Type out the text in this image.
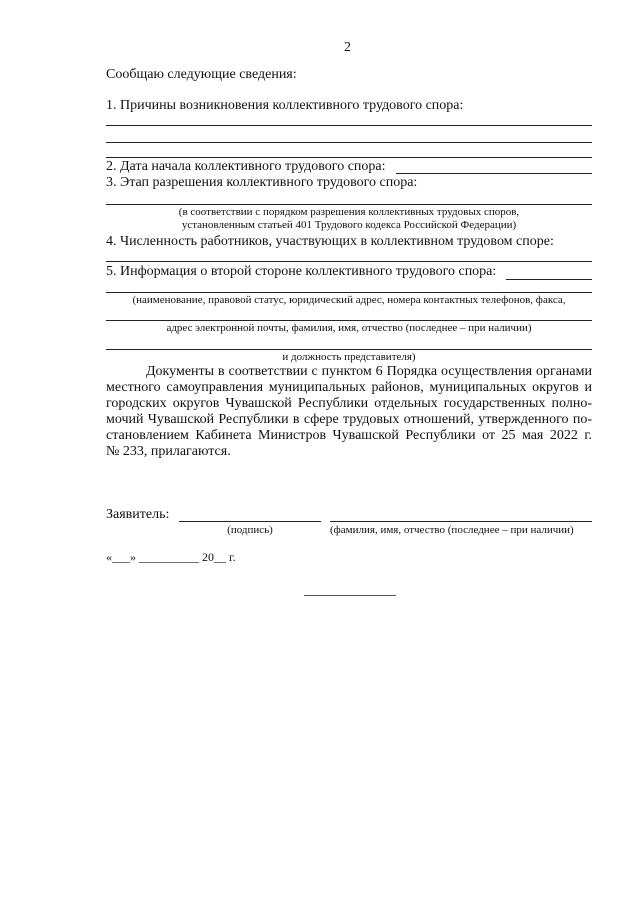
2
Сообщаю следующие сведения:
1. Причины возникновения коллективного трудового спора:
2. Дата начала коллективного трудового спора:
3. Этап разрешения коллективного трудового спора:
(в соответствии с порядком разрешения коллективных трудовых споров,
установленным статьей 401 Трудового кодекса Российской Федерации)
4. Численность работников, участвующих в коллективном трудовом споре:
5. Информация о второй стороне коллективного трудового спора:
(наименование, правовой статус, юридический адрес, номера контактных телефонов, факса,
адрес электронной почты, фамилия, имя, отчество (последнее – при наличии)
и должность представителя)
Документы в соответствии с пунктом 6 Порядка осуществления органами
местного самоуправления муниципальных районов, муниципальных округов и
городских округов Чувашской Республики отдельных государственных полно-
мочий Чувашской Республики в сфере трудовых отношений, утвержденного по-
становлением Кабинета Министров Чувашской Республики от 25 мая 2022 г.
№ 233, прилагаются.
Заявитель:
(подпись)	(фамилия, имя, отчество (последнее – при наличии)
«___» __________ 20__ г.
